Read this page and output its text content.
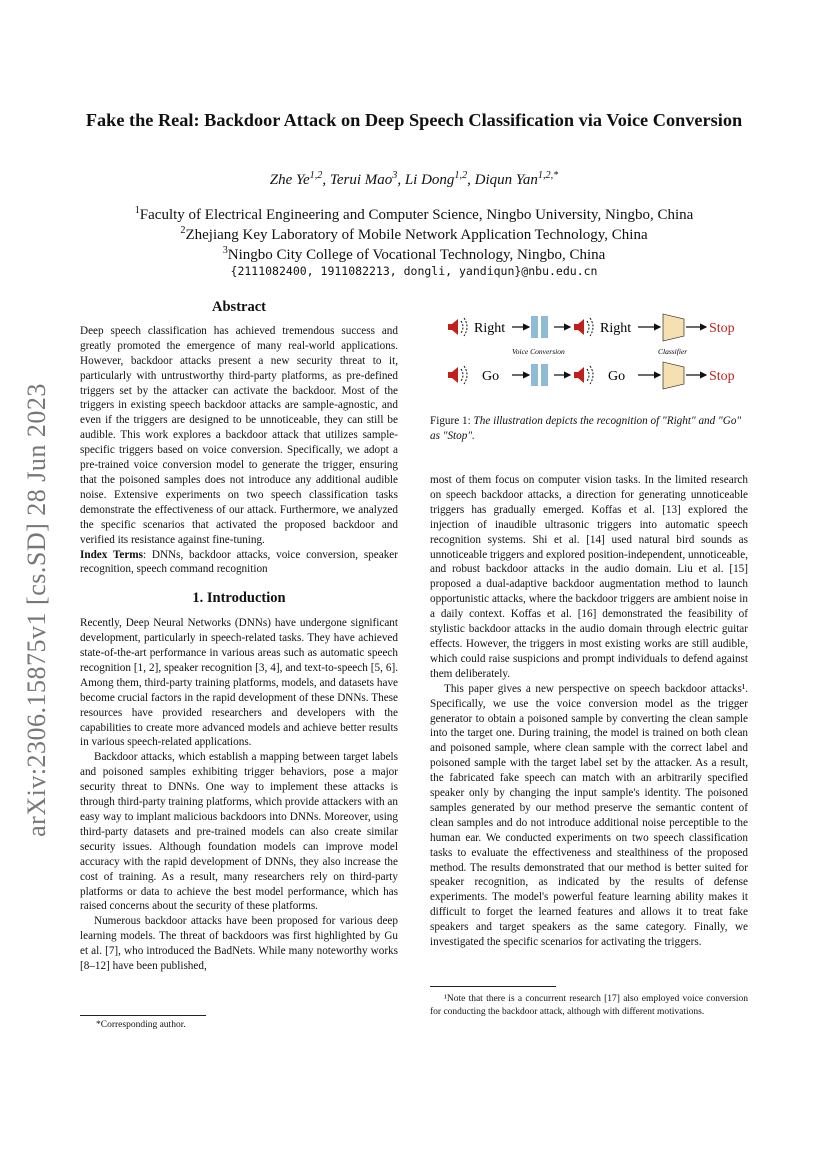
arXiv:2306.15875v1 [cs.SD] 28 Jun 2023
Fake the Real: Backdoor Attack on Deep Speech Classification via Voice Conversion
Zhe Ye$^{1,2}$, Terui Mao$^3$, Li Dong$^{1,2}$, Diqun Yan$^{1,2,*}$
$^1$Faculty of Electrical Engineering and Computer Science, Ningbo University, Ningbo, China
$^2$Zhejiang Key Laboratory of Mobile Network Application Technology, China
$^3$Ningbo City College of Vocational Technology, Ningbo, China
{2111082400, 1911082213, dongli, yandiqun}@nbu.edu.cn
Abstract

Deep speech classification has achieved tremendous success and greatly promoted the emergence of many real-world applications. However, backdoor attacks present a new security threat to it, particularly with untrustworthy third-party platforms, as pre-defined triggers set by the attacker can activate the backdoor. Most of the triggers in existing speech backdoor attacks are sample-agnostic, and even if the triggers are designed to be unnoticeable, they can still be audible. This work explores a backdoor attack that utilizes sample-specific triggers based on voice conversion. Specifically, we adopt a pre-trained voice conversion model to generate the trigger, ensuring that the poisoned samples does not introduce any additional audible noise. Extensive experiments on two speech classification tasks demonstrate the effectiveness of our attack. Furthermore, we analyzed the specific scenarios that activated the proposed backdoor and verified its resistance against fine-tuning.

Index Terms: DNNs, backdoor attacks, voice conversion, speaker recognition, speech command recognition

1. Introduction

Recently, Deep Neural Networks (DNNs) have undergone significant development, particularly in speech-related tasks. They have achieved state-of-the-art performance in various areas such as automatic speech recognition [1, 2], speaker recognition [3, 4], and text-to-speech [5, 6]. Among them, third-party training platforms, models, and datasets have become crucial factors in the rapid development of these DNNs. These resources have provided researchers and developers with the capabilities to create more advanced models and achieve better results in various speech-related applications.

Backdoor attacks, which establish a mapping between target labels and poisoned samples exhibiting trigger behaviors, pose a major security threat to DNNs. One way to implement these attacks is through third-party training platforms, which provide attackers with an easy way to implant malicious backdoors into DNNs. Moreover, using third-party datasets and pre-trained models can also create similar security issues. Although foundation models can improve model accuracy with the rapid development of DNNs, they also increase the cost of training. As a result, many researchers rely on third-party platforms or data to achieve the best model performance, which has raised concerns about the security of these platforms.

Numerous backdoor attacks have been proposed for various deep learning models. The threat of backdoors was first highlighted by Gu et al. [7], who introduced the BadNets. While many noteworthy works [8–12] have been published,

*Corresponding author.
Right	Right	Stop
Voice Conversion	Classifier
Go	Go	Stop
Figure 1: The illustration depicts the recognition of "Right" and "Go" as "Stop".

most of them focus on computer vision tasks. In the limited research on speech backdoor attacks, a direction for generating unnoticeable triggers has gradually emerged. Koffas et al. [13] explored the injection of inaudible ultrasonic triggers into automatic speech recognition systems. Shi et al. [14] used natural bird sounds as unnoticeable triggers and explored position-independent, unnoticeable, and robust backdoor attacks in the audio domain. Liu et al. [15] proposed a dual-adaptive backdoor augmentation method to launch opportunistic attacks, where the backdoor triggers are ambient noise in a daily context. Koffas et al. [16] demonstrated the feasibility of stylistic backdoor attacks in the audio domain through electric guitar effects. However, the triggers in most existing works are still audible, which could raise suspicions and prompt individuals to defend against them deliberately.

This paper gives a new perspective on speech backdoor attacks¹. Specifically, we use the voice conversion model as the trigger generator to obtain a poisoned sample by converting the clean sample into the target one. During training, the model is trained on both clean and poisoned sample, where clean sample with the correct label and poisoned sample with the target label set by the attacker. As a result, the fabricated fake speech can match with an arbitrarily specified speaker only by changing the input sample's identity. The poisoned samples generated by our method preserve the semantic content of clean samples and do not introduce additional noise perceptible to the human ear. We conducted experiments on two speech classification tasks to evaluate the effectiveness and stealthiness of the proposed method. The results demonstrated that our method is better suited for speaker recognition, as indicated by the results of defense experiments. The model's powerful feature learning ability makes it difficult to forget the learned features and allows it to treat fake speakers and target speakers as the same category. Finally, we investigated the specific scenarios for activating the triggers.

¹Note that there is a concurrent research [17] also employed voice conversion for conducting the backdoor attack, although with different motivations.
